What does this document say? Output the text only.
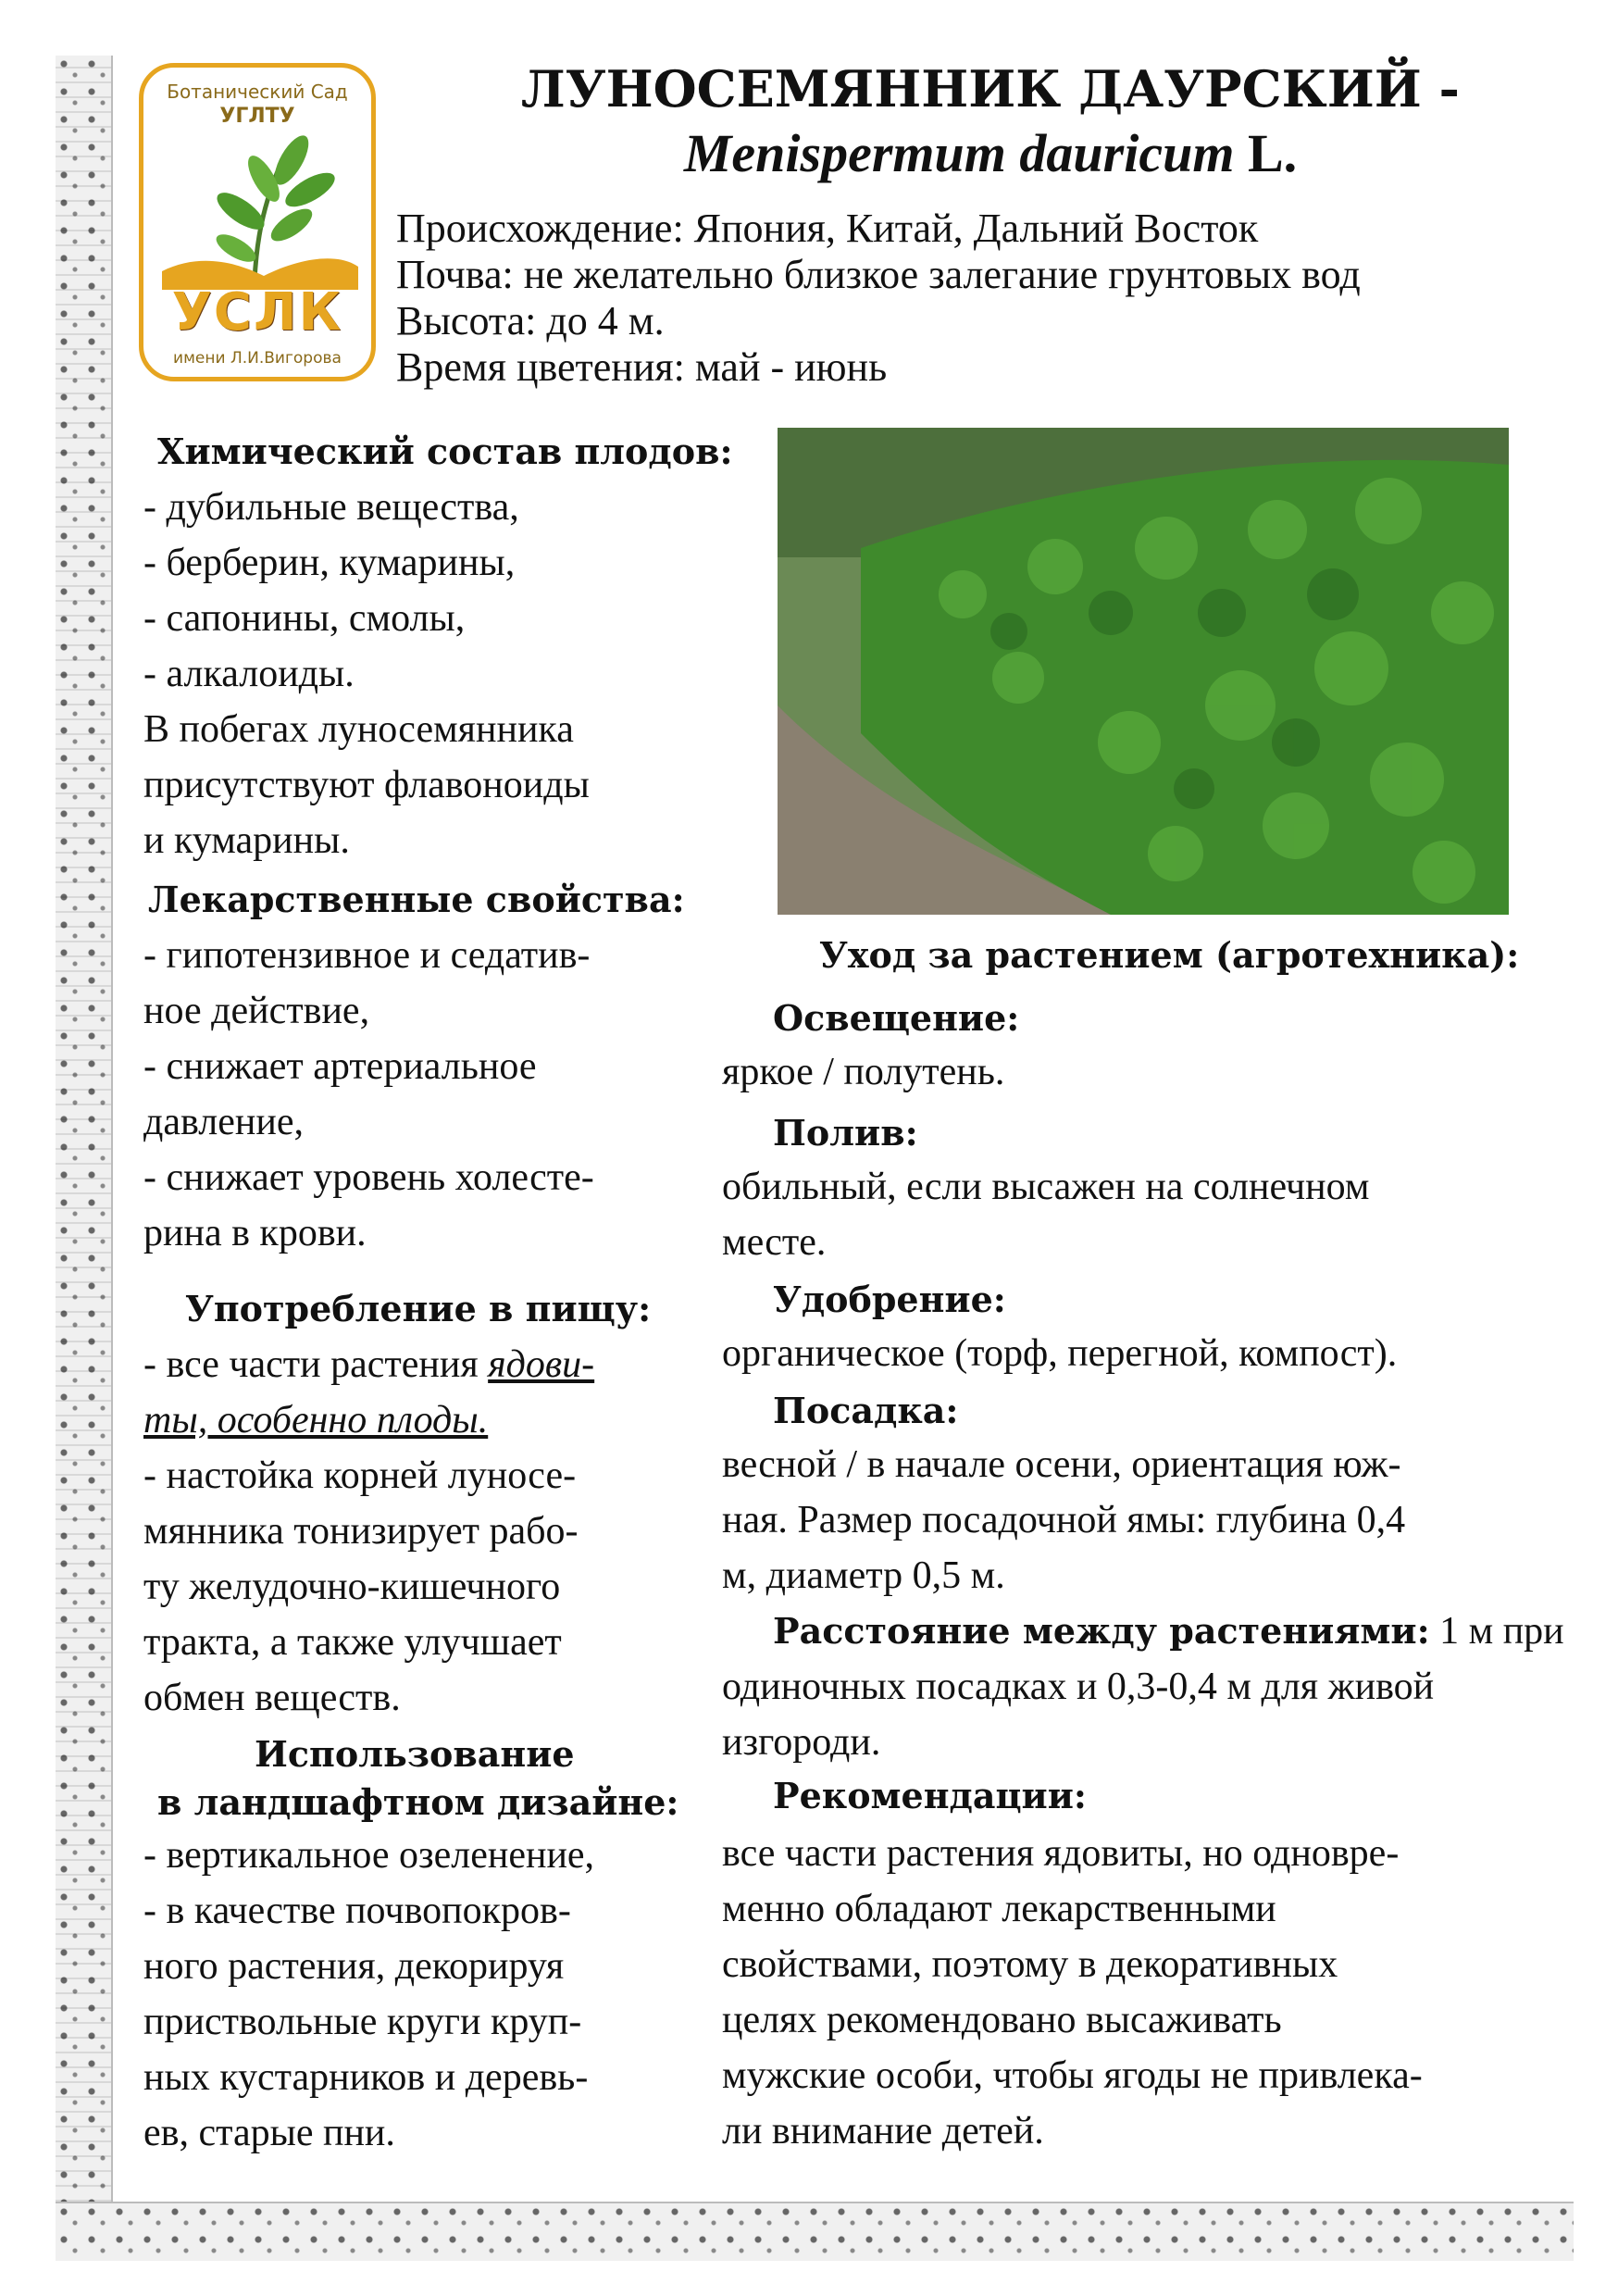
Ботанический Сад
УГЛТУ
УСЛК
имени Л.И.Вигорова
ЛУНОСЕМЯННИК ДАУРСКИЙ -
Menispermum dauricum L.
Происхождение: Япония, Китай, Дальний Восток
Почва: не желательно близкое залегание грунтовых вод
Высота: до 4 м.
Время цветения: май - июнь
Химический состав плодов:
- дубильные вещества,
- берберин, кумарины,
- сапонины, смолы,
- алкалоиды.
В побегах луносемянника
присутствуют флавоноиды
и кумарины.
Лекарственные свойства:
- гипотензивное и седатив-
ное действие,
- снижает артериальное
давление,
- снижает уровень холесте-
рина в крови.
Употребление в пищу:
- все части растения ядови-
ты, особенно плоды.
- настойка корней луносе-
мянника тонизирует рабо-
ту желудочно-кишечного
тракта, а также улучшает
обмен веществ.
Использование
в ландшафтном дизайне:
- вертикальное озеленение,
- в качестве почвопокров-
ного растения, декорируя
приствольные круги круп-
ных кустарников и деревь-
ев, старые пни.
Уход за растением (агротехника):
Освещение:
яркое / полутень.
Полив:
обильный, если высажен на солнечном
месте.
Удобрение:
органическое (торф, перегной, компост).
Посадка:
весной / в начале осени, ориентация юж-
ная. Размер посадочной ямы: глубина 0,4
м, диаметр 0,5 м.
Расстояние между растениями: 1 м при
одиночных посадках и 0,3-0,4 м для живой
изгороди.
Рекомендации:
все части растения ядовиты, но одновре-
менно обладают лекарственными
свойствами, поэтому в декоративных
целях рекомендовано высаживать
мужские особи, чтобы ягоды не привлека-
ли внимание детей.
